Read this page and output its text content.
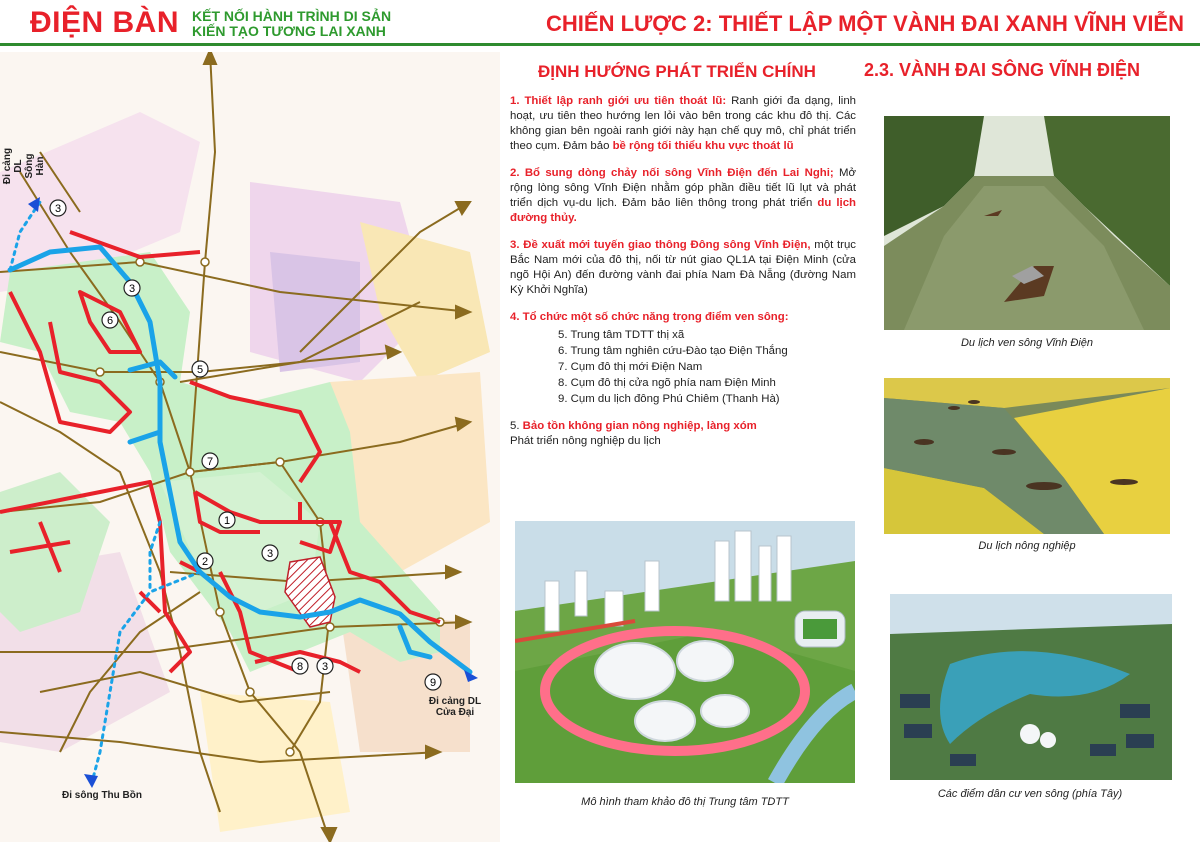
ĐIỆN BÀN KẾT NỐI HÀNH TRÌNH DI SẢN
KIẾN TẠO TƯƠNG LAI XANH	CHIẾN LƯỢC 2: THIẾT LẬP MỘT VÀNH ĐAI XANH VĨNH VIỄN
3
3
6
5
7
1
2
3
8 3
9
Đi cảng DL Sông Hàn
Đi cảng DL
Cửa Đại
Đi sông Thu Bồn
ĐỊNH HƯỚNG PHÁT TRIỂN CHÍNH	2.3. VÀNH ĐAI SÔNG VĨNH ĐIỆN

1. Thiết lập ranh giới ưu tiên thoát lũ: Ranh giới đa dạng, linh hoạt, ưu tiên theo hướng len lỏi vào bên trong các khu đô thị. Các không gian bên ngoài ranh giới này hạn chế quy mô, chỉ phát triển theo cụm. Đảm bảo bề rộng tối thiểu khu vực thoát lũ

2. Bổ sung dòng chảy nối sông Vĩnh Điện đến Lai Nghi; Mở rộng lòng sông Vĩnh Điện nhằm góp phần điều tiết lũ lụt và phát triển dịch vụ-du lịch. Đảm bảo liên thông trong phát triển du lịch đường thủy.

3. Đề xuất mới tuyến giao thông Đông sông Vĩnh Điện, một trục Bắc Nam mới của đô thị, nối từ nút giao QL1A tại Điện Minh (cửa ngõ Hội An) đến đường vành đai phía Nam Đà Nẵng (đường Nam Kỳ Khởi Nghĩa)

4. Tổ chức một số chức năng trọng điểm ven sông:

5. Trung tâm TDTT thị xã
6. Trung tâm nghiên cứu-Đào tạo Điện Thắng
7. Cụm đô thị mới Điện Nam
8. Cụm đô thị cửa ngõ phía nam Điện Minh
9. Cụm du lịch đông Phú Chiêm (Thanh Hà)

5. Bảo tồn không gian nông nghiệp, làng xóm

Phát triển nông nghiệp du lịch

Mô hình tham khảo đô thị Trung tâm TDTT
Du lịch ven sông Vĩnh Điện
Du lịch nông nghiệp
Các điểm dân cư ven sông (phía Tây)
